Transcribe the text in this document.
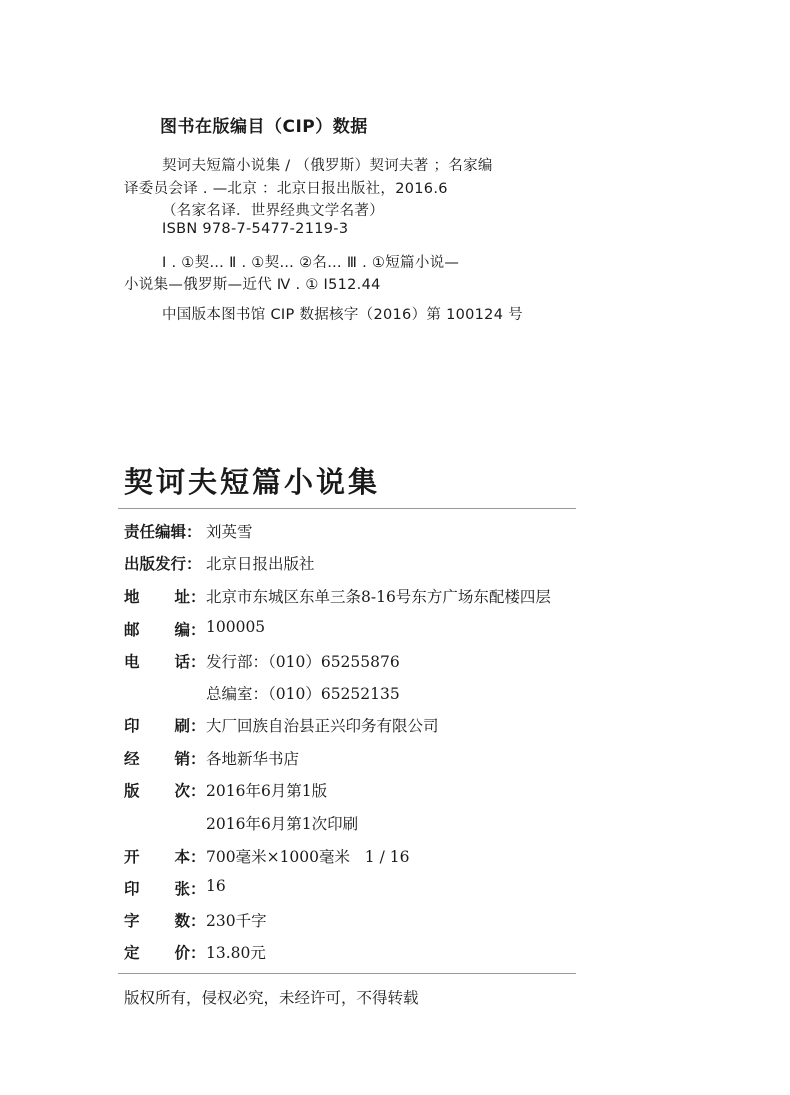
图书在版编目（CIP）数据
契诃夫短篇小说集 / （俄罗斯）契诃夫著 ；名家编
译委员会译 . —北京 ：北京日报出版社，2016.6
（名家名译．世界经典文学名著）
ISBN 978-7-5477-2119-3
Ⅰ . ①契… Ⅱ . ①契… ②名… Ⅲ . ①短篇小说—
小说集—俄罗斯—近代 Ⅳ . ① I512.44
中国版本图书馆 CIP 数据核字（2016）第 100124 号
契诃夫短篇小说集
责任编辑： 刘英雪
出版发行： 北京日报出版社
地 址 ： 北京市东城区东单三条8-16号东方广场东配楼四层
邮 编 ： 100005
电 话 ： 发行部：（010）65255876
总编室：（010）65252135
印 刷 ： 大厂回族自治县正兴印务有限公司
经 销 ： 各地新华书店
版 次 ： 2016年6月第1版
2016年6月第1次印刷
开 本 ： 700毫米×1000毫米   1 / 16
印 张 ： 16
字 数 ： 230千字
定 价 ： 13.80元
版权所有，侵权必究，未经许可，不得转载
